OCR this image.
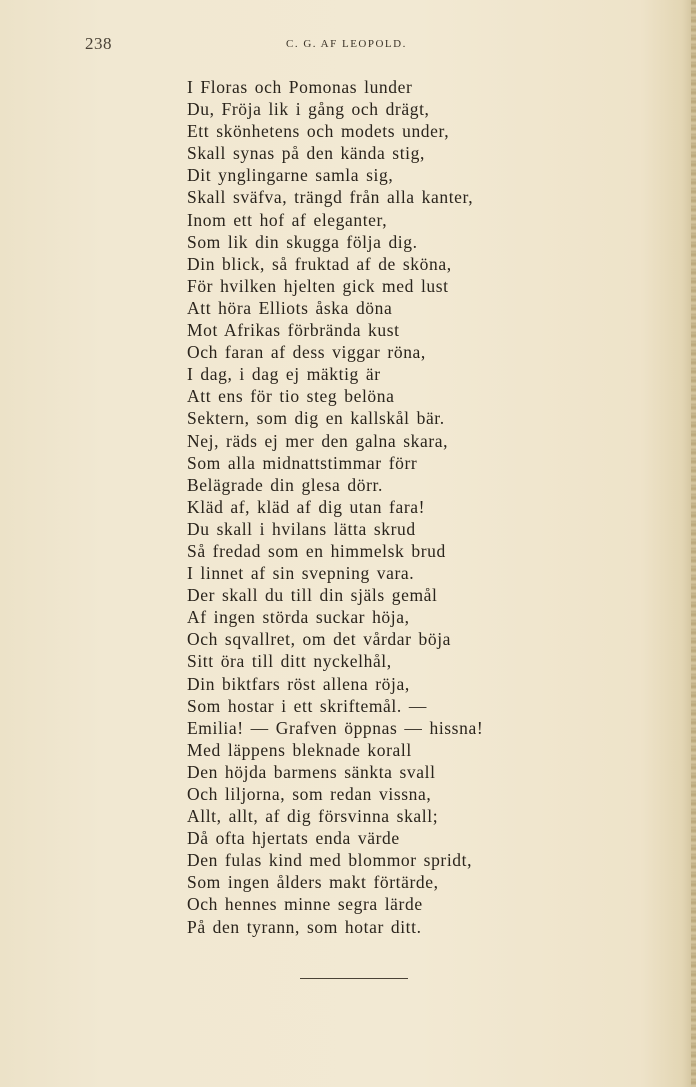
238	C. G. AF LEOPOLD.
I Floras och Pomonas lunder
Du, Fröja lik i gång och drägt,
Ett skönhetens och modets under,
Skall synas på den kända stig,
Dit ynglingarne samla sig,
Skall sväfva, trängd från alla kanter,
Inom ett hof af eleganter,
Som lik din skugga följa dig.
Din blick, så fruktad af de sköna,
För hvilken hjelten gick med lust
Att höra Elliots åska döna
Mot Afrikas förbrända kust
Och faran af dess viggar röna,
I dag, i dag ej mäktig är
Att ens för tio steg belöna
Sektern, som dig en kallskål bär.
Nej, räds ej mer den galna skara,
Som alla midnattstimmar förr
Belägrade din glesa dörr.
Kläd af, kläd af dig utan fara!
Du skall i hvilans lätta skrud
Så fredad som en himmelsk brud
I linnet af sin svepning vara.
Der skall du till din själs gemål
Af ingen störda suckar höja,
Och sqvallret, om det vårdar böja
Sitt öra till ditt nyckelhål,
Din biktfars röst allena röja,
Som hostar i ett skriftemål. —
Emilia! — Grafven öppnas — hissna!
Med läppens bleknade korall
Den höjda barmens sänkta svall
Och liljorna, som redan vissna,
Allt, allt, af dig försvinna skall;
Då ofta hjertats enda värde
Den fulas kind med blommor spridt,
Som ingen ålders makt förtärde,
Och hennes minne segra lärde
På den tyrann, som hotar ditt.
